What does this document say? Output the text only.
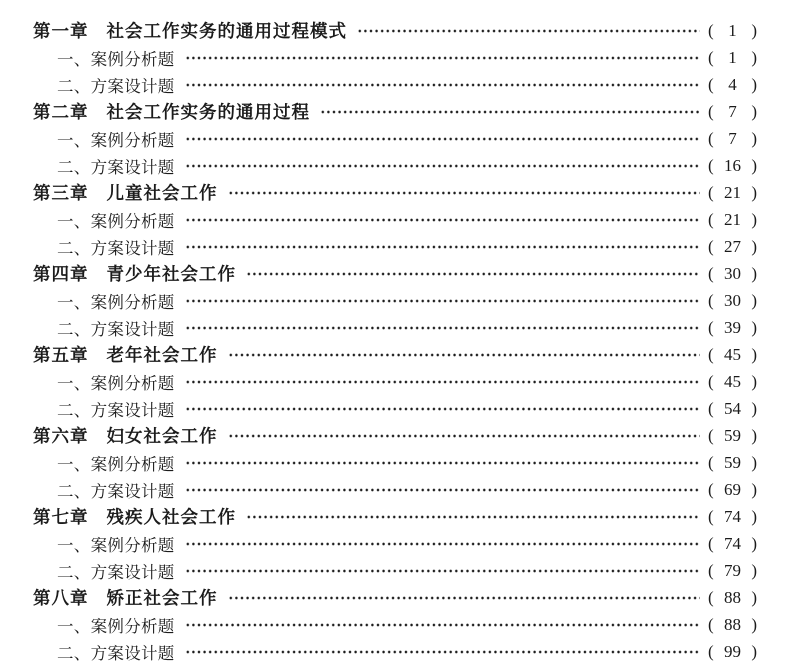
第一章 社会工作实务的通用过程模式	( 1 )
一、 案例分析题	( 1 )
二、 方案设计题	( 4 )
第二章 社会工作实务的通用过程	( 7 )
一、 案例分析题	( 7 )
二、 方案设计题	( 16 )
第三章 儿童社会工作	( 21 )
一、 案例分析题	( 21 )
二、 方案设计题	( 27 )
第四章 青少年社会工作	( 30 )
一、 案例分析题	( 30 )
二、 方案设计题	( 39 )
第五章 老年社会工作	( 45 )
一、 案例分析题	( 45 )
二、 方案设计题	( 54 )
第六章 妇女社会工作	( 59 )
一、 案例分析题	( 59 )
二、 方案设计题	( 69 )
第七章 残疾人社会工作	( 74 )
一、 案例分析题	( 74 )
二、 方案设计题	( 79 )
第八章 矫正社会工作	( 88 )
一、 案例分析题	( 88 )
二、 方案设计题	( 99 )
